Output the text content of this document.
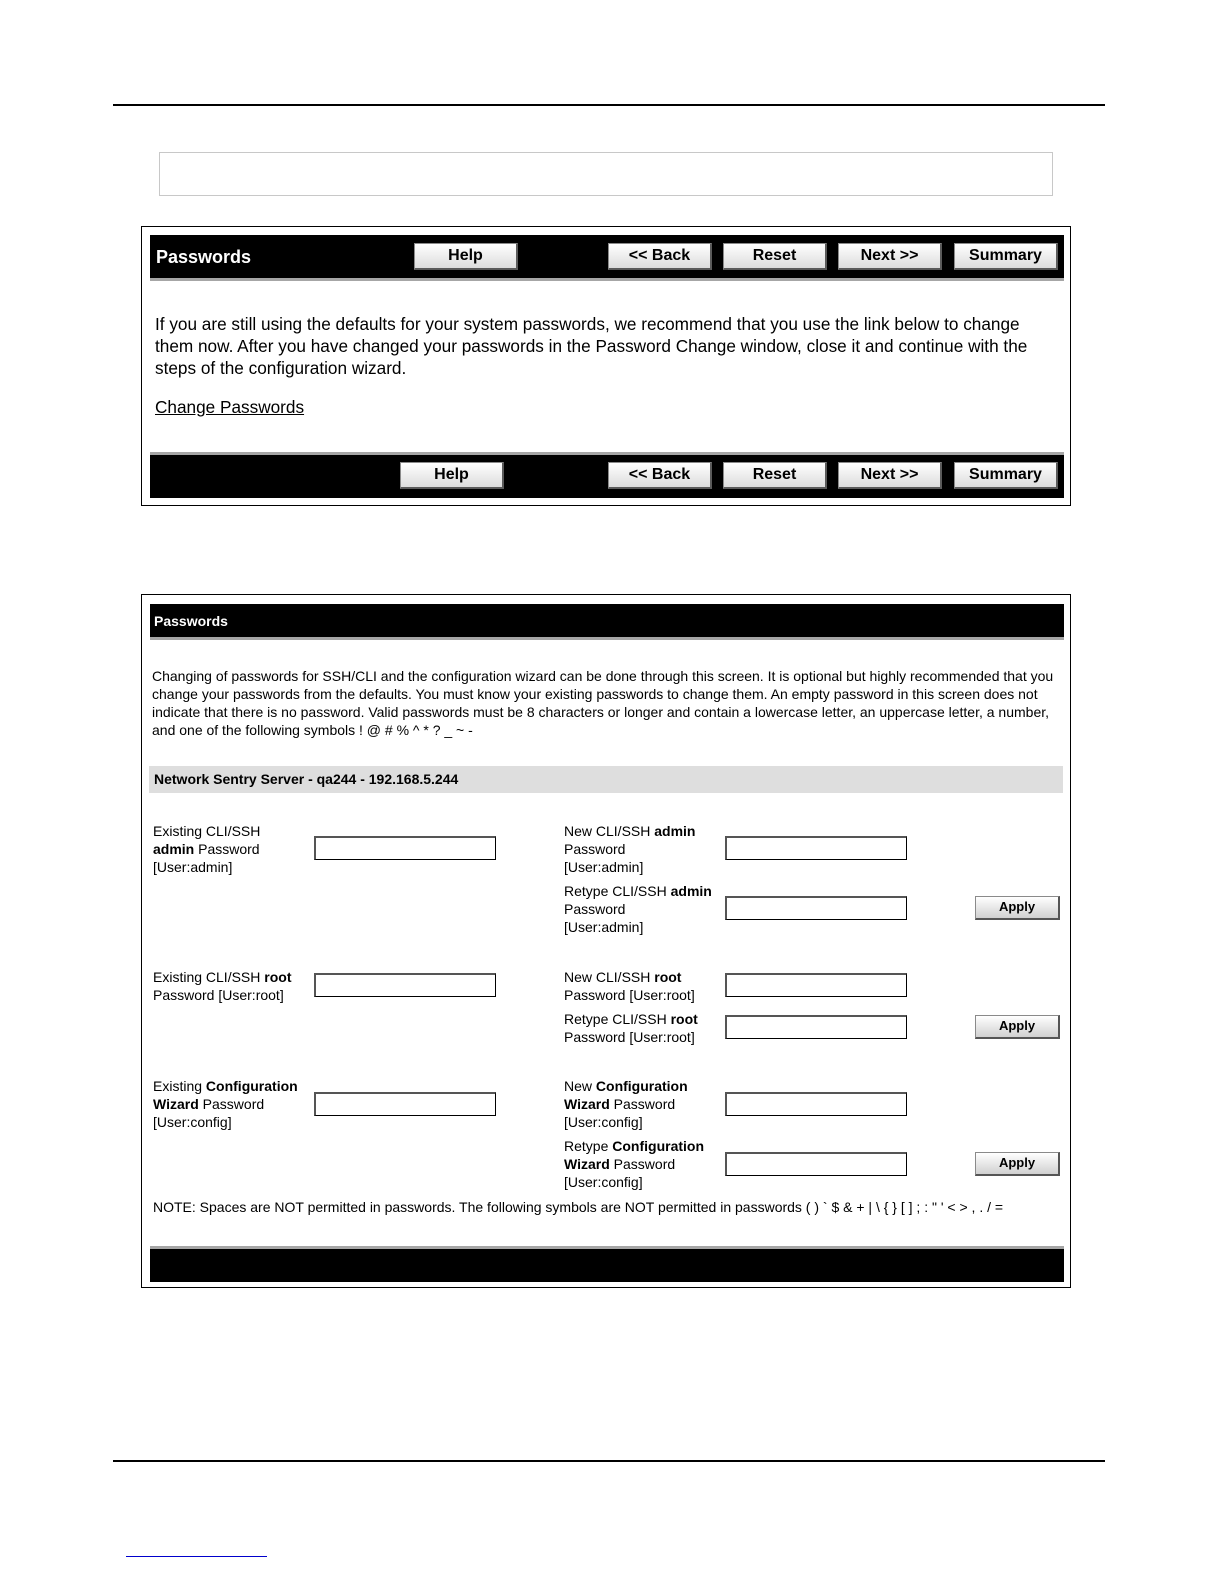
Passwords	Help	<< Back	Reset	Next >>	Summary
Help	<< Back	Reset	Next >>	Summary
If you are still using the defaults for your system passwords, we recommend that you use the link below to change them now. After you have changed your passwords in the Password Change window, close it and continue with the steps of the configuration wizard.
Change Passwords
Passwords
Changing of passwords for SSH/CLI and the configuration wizard can be done through this screen. It is optional but highly recommended that you change your passwords from the defaults. You must know your existing passwords to change them. An empty password in this screen does not indicate that there is no password. Valid passwords must be 8 characters or longer and contain a lowercase letter, an uppercase letter, a number, and one of the following symbols ! @ # % ^ * ? _ ~ -
Network Sentry Server - qa244 - 192.168.5.244
Existing CLI/SSH
admin Password
[User:admin]
New CLI/SSH admin
Password
[User:admin]
Retype CLI/SSH admin
Password
[User:admin]
Apply
Existing CLI/SSH root
Password [User:root]
New CLI/SSH root
Password [User:root]
Retype CLI/SSH root
Password [User:root]
Apply
Existing Configuration Wizard Password
[User:config]
New Configuration Wizard Password
[User:config]
Retype Configuration Wizard Password
[User:config]
Apply
NOTE: Spaces are NOT permitted in passwords. The following symbols are NOT permitted in passwords ( ) ` $ & + | \ { } [ ] ; : " ' < > , . / =
